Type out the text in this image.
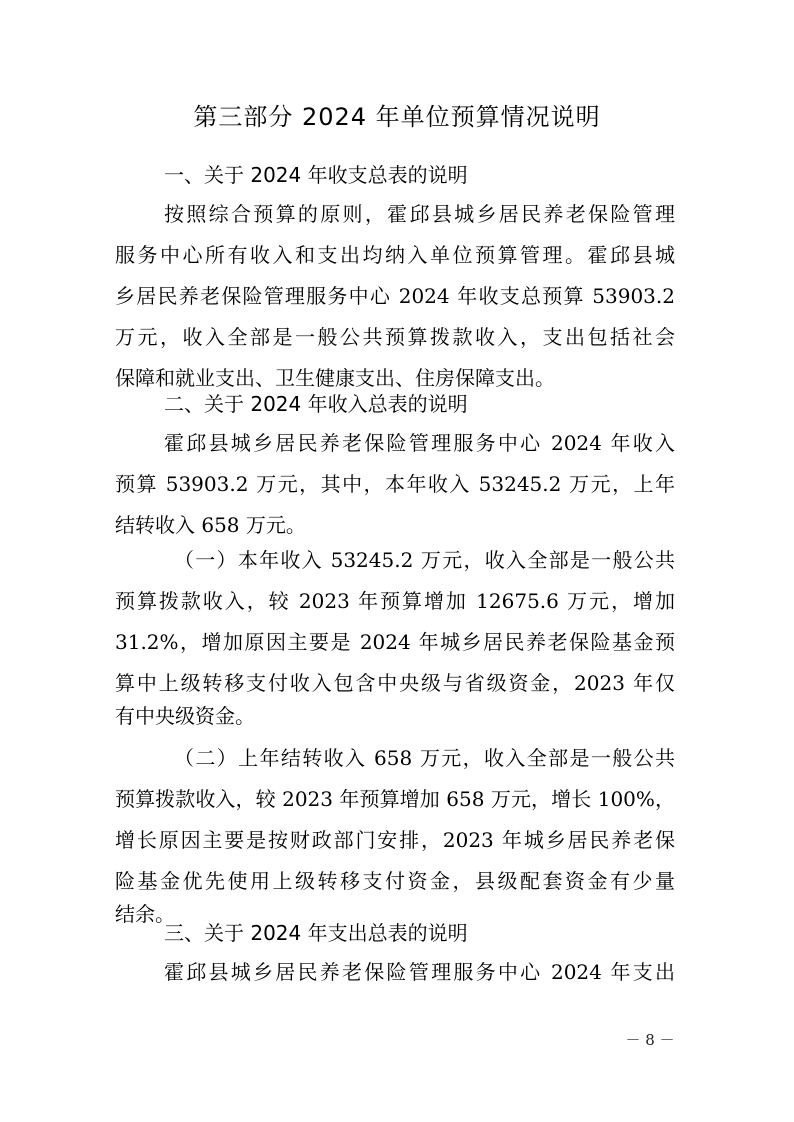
第三部分 2024 年单位预算情况说明
一、关于 2024 年收支总表的说明
按照综合预算的原则，霍邱县城乡居民养老保险管理
服务中心所有收入和支出均纳入单位预算管理。霍邱县城
乡居民养老保险管理服务中心 2024 年收支总预算 53903.2
万元，收入全部是一般公共预算拨款收入，支出包括社会
保障和就业支出、卫生健康支出、住房保障支出。
二、关于 2024 年收入总表的说明
霍邱县城乡居民养老保险管理服务中心 2024 年收入
预算 53903.2 万元，其中，本年收入 53245.2 万元，上年
结转收入 658 万元。
（一）本年收入 53245.2 万元，收入全部是一般公共
预算拨款收入，较 2023 年预算增加 12675.6 万元，增加
31.2%，增加原因主要是 2024 年城乡居民养老保险基金预
算中上级转移支付收入包含中央级与省级资金，2023 年仅
有中央级资金。
（二）上年结转收入 658 万元，收入全部是一般公共
预算拨款收入，较 2023 年预算增加 658 万元，增长 100%，
增长原因主要是按财政部门安排，2023 年城乡居民养老保
险基金优先使用上级转移支付资金，县级配套资金有少量
结余。
三、关于 2024 年支出总表的说明
霍邱县城乡居民养老保险管理服务中心 2024 年支出
－ 8 －
